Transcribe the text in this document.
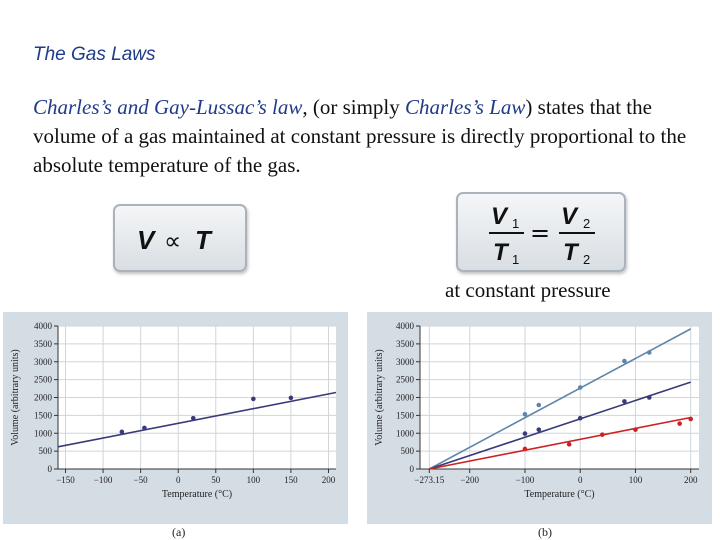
The Gas Laws
Charles’s and Gay-Lussac’s law, (or simply Charles’s Law) states that the volume of a gas maintained at constant pressure is directly proportional to the absolute temperature of the gas.
V ∝ T
V 1
T 1
=
V 2
T 2
at constant pressure
0
500
1000
1500
2000
2500
3000
3500
4000
−150 −100 −50	0	50	100	150	200
Temperature (°C)
Volume (arbitrary units)
0
500
1000
1500
2000
2500
3000
3500
4000
−273.15 −200	−100	0	100	200
Temperature (°C)
Volume (arbitrary units)
(a)	(b)
